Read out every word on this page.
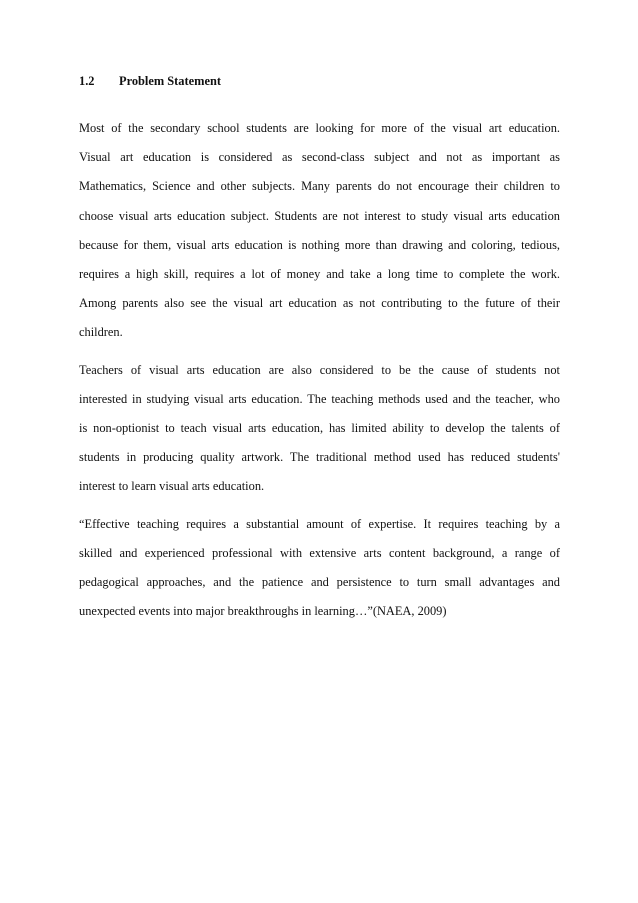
1.2	Problem Statement
Most of the secondary school students are looking for more of the visual art education.
Visual art education is considered as second-class subject and not as important as
Mathematics, Science and other subjects. Many parents do not encourage their children to
choose visual arts education subject. Students are not interest to study visual arts education
because for them, visual arts education is nothing more than drawing and coloring, tedious,
requires a high skill, requires a lot of money and take a long time to complete the work.
Among parents also see the visual art education as not contributing to the future of their
children.
Teachers of visual arts education are also considered to be the cause of students not
interested in studying visual arts education. The teaching methods used and the teacher, who
is non-optionist to teach visual arts education, has limited ability to develop the talents of
students in producing quality artwork. The traditional method used has reduced students'
interest to learn visual arts education.
“Effective teaching requires a substantial amount of expertise. It requires teaching by a
skilled and experienced professional with extensive arts content background, a range of
pedagogical approaches, and the patience and persistence to turn small advantages and
unexpected events into major breakthroughs in learning…”(NAEA, 2009)
